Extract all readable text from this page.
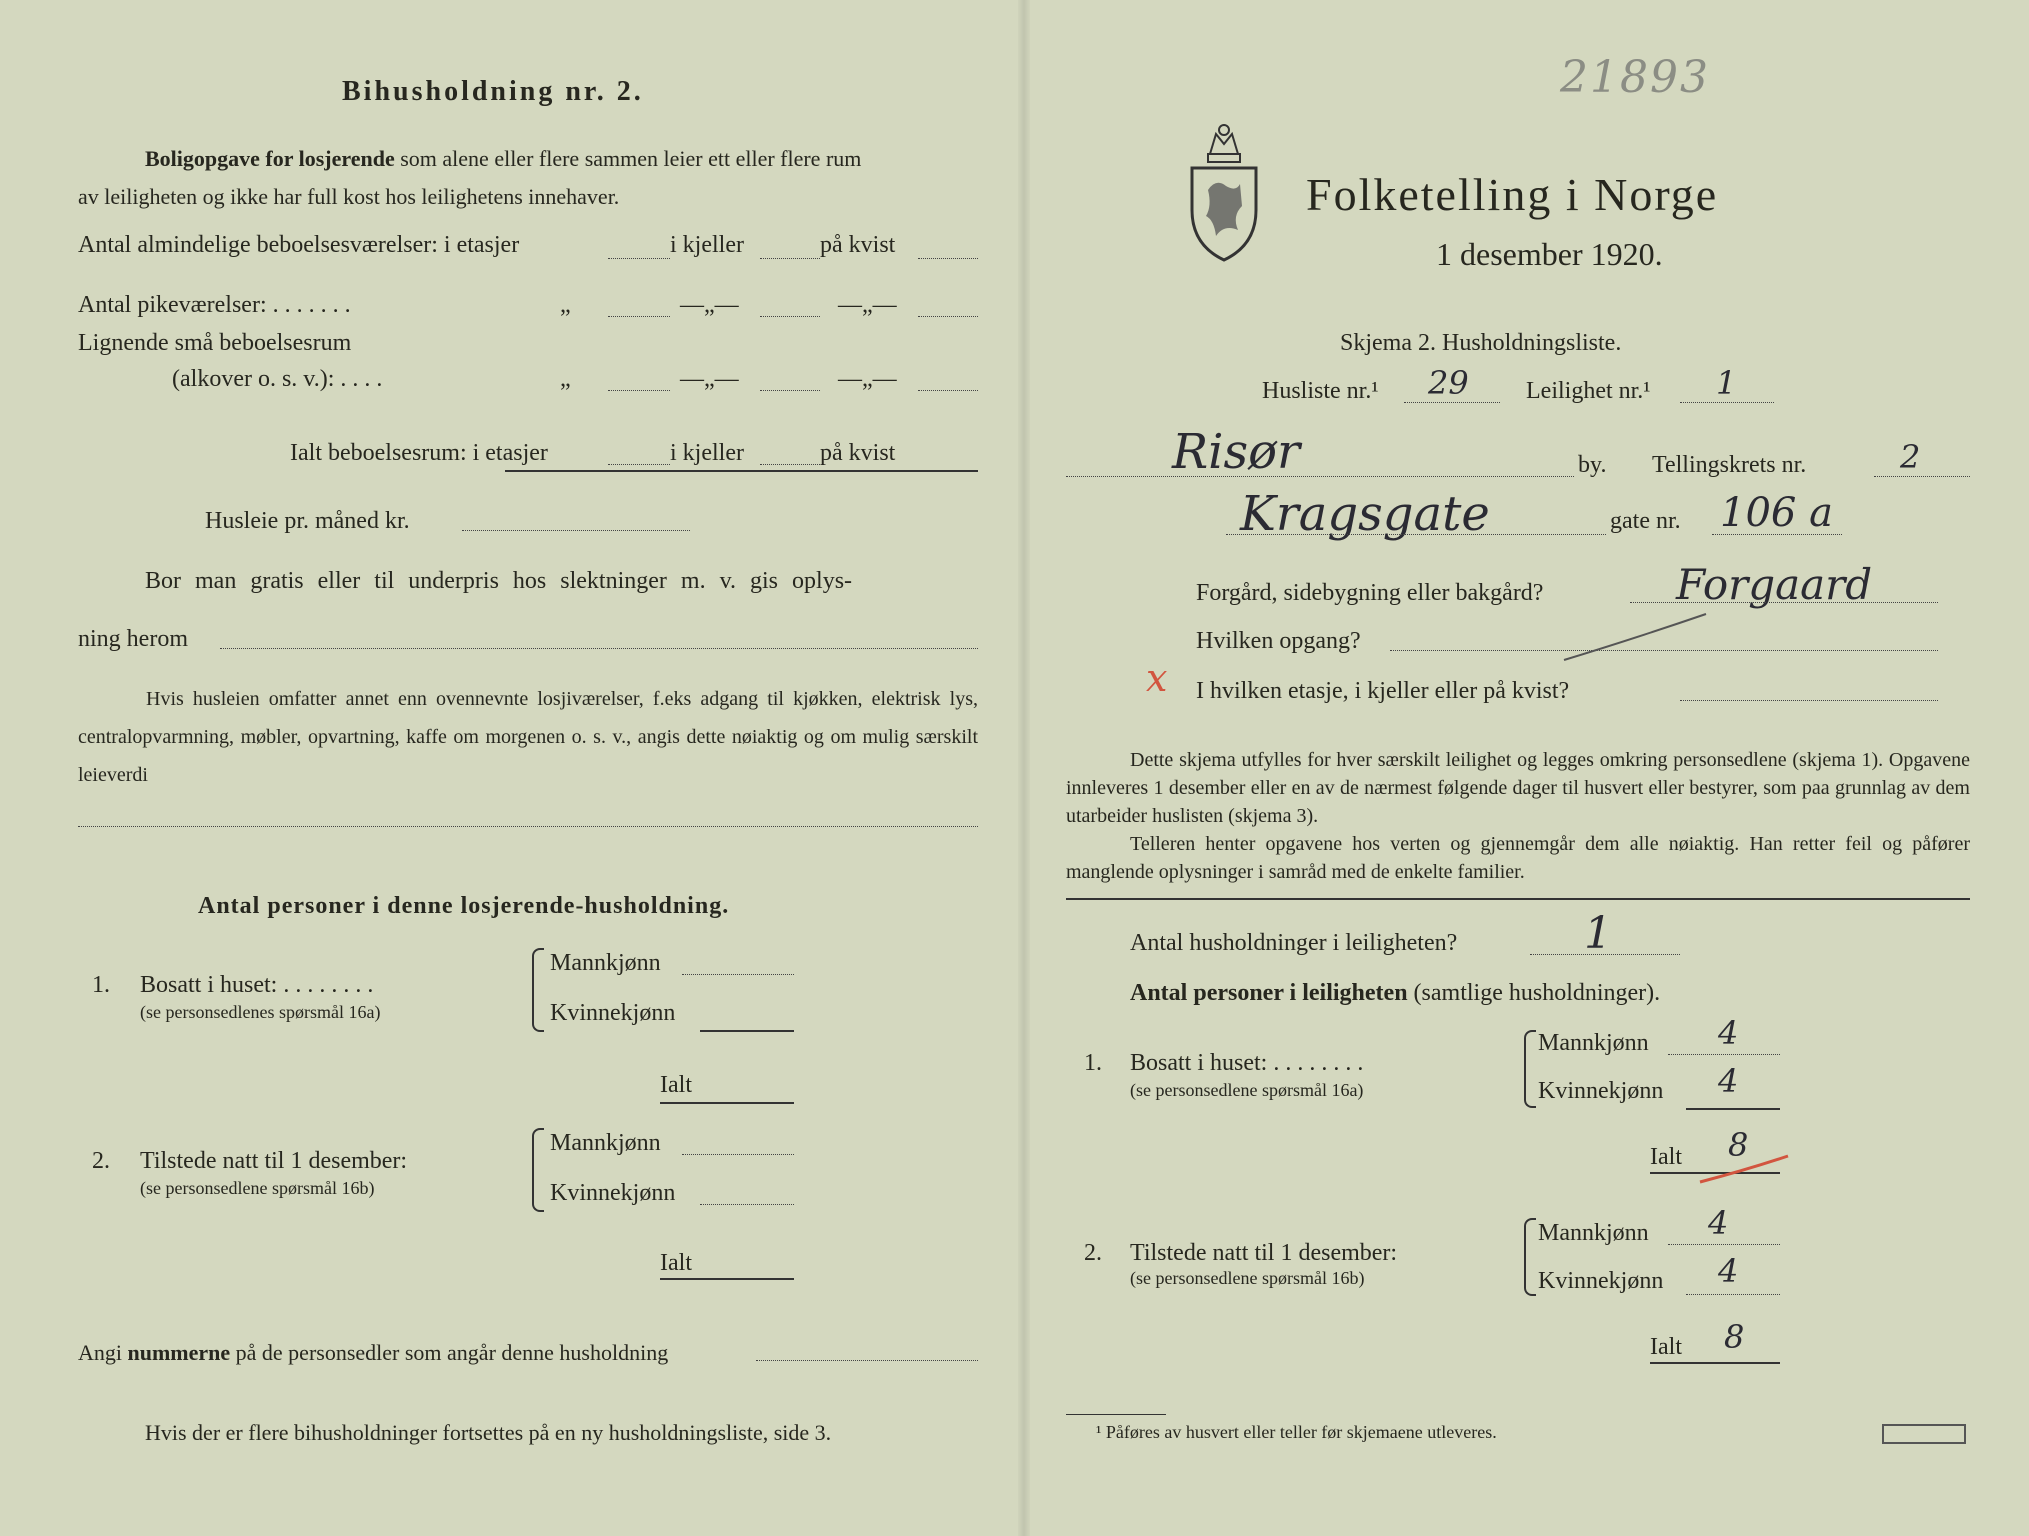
Bihusholdning nr. 2.
Boligopgave for losjerende som alene eller flere sammen leier ett eller flere rum
av leiligheten og ikke har full kost hos leilighetens innehaver.
Antal almindelige beboelsesværelser: i etasjer	i kjeller	på kvist
Antal pikeværelser: . . . . . . .	„	—„—	—„—
Lignende små beboelsesrum
(alkover o. s. v.): . . . .	„	—„—	—„—
Ialt beboelsesrum: i etasjer	i kjeller	på kvist
Husleie pr. måned kr.
Bor man gratis eller til underpris hos slektninger m. v. gis oplys-
ning herom
Hvis husleien omfatter annet enn ovennevnte losjiværelser, f.eks adgang til kjøkken, elektrisk lys, centralopvarmning, møbler, opvartning, kaffe om morgenen o. s. v., angis dette nøiaktig og om mulig særskilt leieverdi
Antal personer i denne losjerende-husholdning.
1. Bosatt i huset: . . . . . . . .
(se personsedlenes spørsmål 16a)
Mannkjønn
Kvinnekjønn
Ialt
2. Tilstede natt til 1 desember:
(se personsedlene spørsmål 16b)
Mannkjønn
Kvinnekjønn
Ialt
Angi nummerne på de personsedler som angår denne husholdning
Hvis der er flere bihusholdninger fortsettes på en ny husholdningsliste, side 3.
21893
Folketelling i Norge
1 desember 1920.
Skjema 2. Husholdningsliste.
Husliste nr.¹ 29 Leilighet nr.¹ 1
Risør	by. Tellingskrets nr.	2
Kragsgate	gate nr. 106 a
Forgård, sidebygning eller bakgård?	Forgaard
Hvilken opgang?
x I hvilken etasje, i kjeller eller på kvist?
Dette skjema utfylles for hver særskilt leilighet og legges omkring personsedlene (skjema 1). Opgavene innleveres 1 desember eller en av de nærmest følgende dager til husvert eller bestyrer, som paa grunnlag av dem utarbeider huslisten (skjema 3).
Telleren henter opgavene hos verten og gjennemgår dem alle nøiaktig. Han retter feil og påfører manglende oplysninger i samråd med de enkelte familier.
Antal husholdninger i leiligheten?	1
Antal personer i leiligheten (samtlige husholdninger).
1. Bosatt i huset: . . . . . . . .
(se personsedlene spørsmål 16a)
Mannkjønn 4
Kvinnekjønn 4
Ialt 8
2. Tilstede natt til 1 desember:
(se personsedlene spørsmål 16b)
Mannkjønn 4
Kvinnekjønn 4
Ialt 8
¹ Påføres av husvert eller teller før skjemaene utleveres.
